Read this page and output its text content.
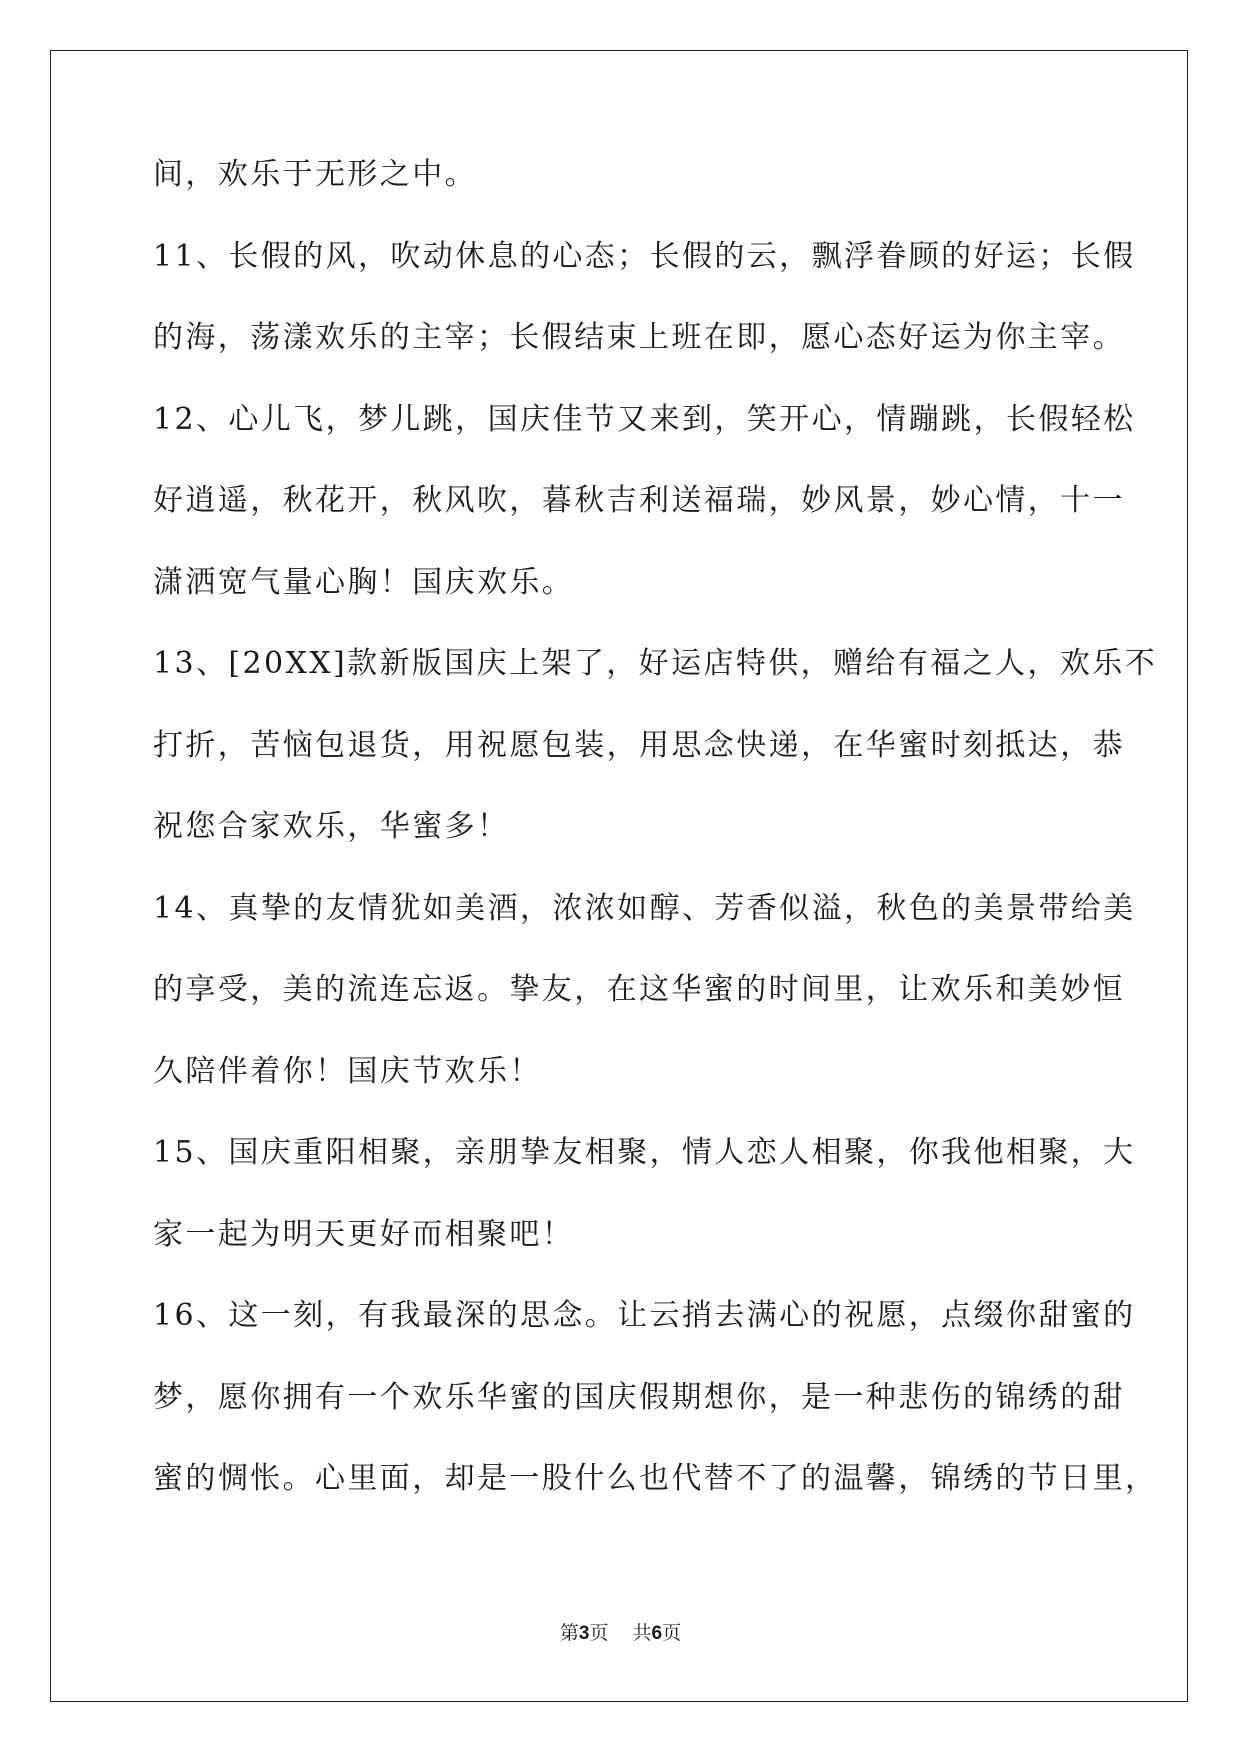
间，欢乐于无形之中。
11、长假的风，吹动休息的心态；长假的云，飘浮眷顾的好运；长假
的海，荡漾欢乐的主宰；长假结束上班在即，愿心态好运为你主宰。
12、心儿飞，梦儿跳，国庆佳节又来到，笑开心，情蹦跳，长假轻松
好逍遥，秋花开，秋风吹，暮秋吉利送福瑞，妙风景，妙心情，十一
潇洒宽气量心胸！国庆欢乐。
13、[20XX]款新版国庆上架了，好运店特供，赠给有福之人，欢乐不
打折，苦恼包退货，用祝愿包装，用思念快递，在华蜜时刻抵达，恭
祝您合家欢乐，华蜜多！
14、真挚的友情犹如美酒，浓浓如醇、芳香似溢，秋色的美景带给美
的享受，美的流连忘返。挚友，在这华蜜的时间里，让欢乐和美妙恒
久陪伴着你！国庆节欢乐！
15、国庆重阳相聚，亲朋挚友相聚，情人恋人相聚，你我他相聚，大
家一起为明天更好而相聚吧！
16、这一刻，有我最深的思念。让云捎去满心的祝愿，点缀你甜蜜的
梦，愿你拥有一个欢乐华蜜的国庆假期想你，是一种悲伤的锦绣的甜
蜜的惆怅。心里面，却是一股什么也代替不了的温馨，锦绣的节日里，
第3页 共6页
